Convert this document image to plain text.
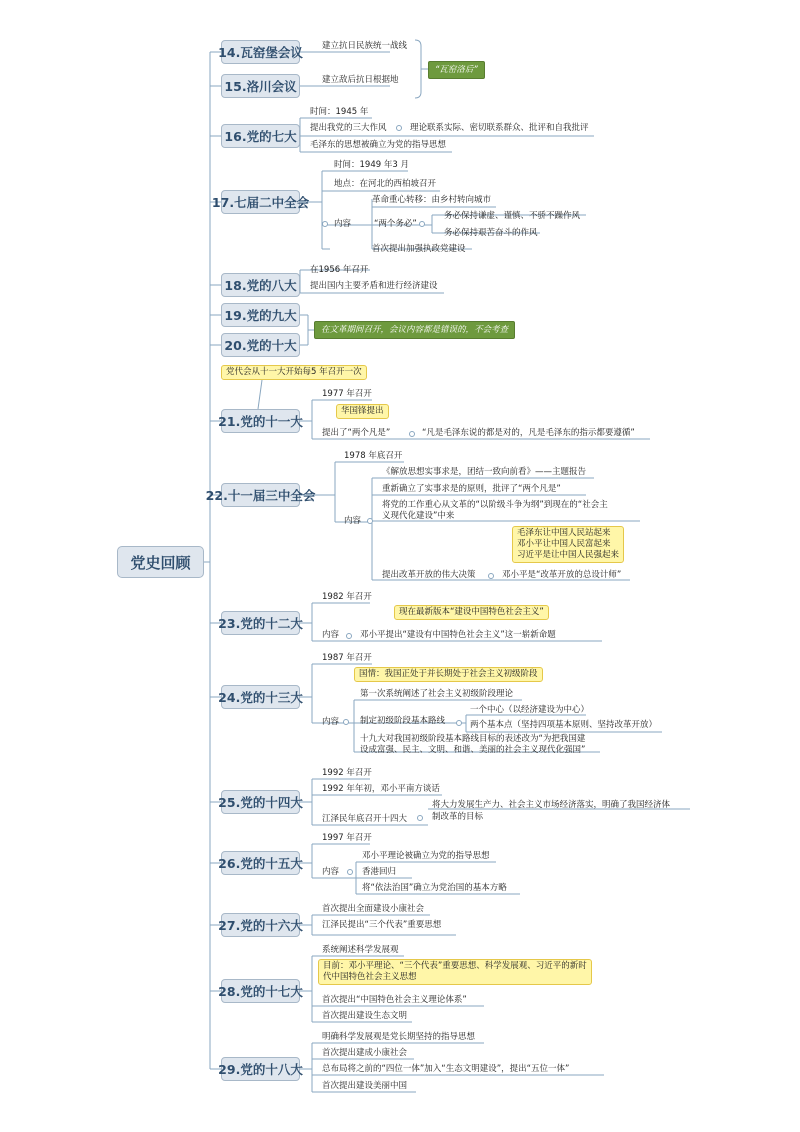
党史回顾
14.瓦窑堡会议
15.洛川会议
16.党的七大
17.七届二中全会
18.党的八大
19.党的九大
20.党的十大
21.党的十一大
22.十一届三中全会
23.党的十二大
24.党的十三大
25.党的十四大
26.党的十五大
27.党的十六大
28.党的十七大
29.党的十八大
建立抗日民族统一战线
建立敌后抗日根据地
“瓦窑洛后”
时间：1945 年
提出我党的三大作风	理论联系实际、密切联系群众、批评和自我批评
毛泽东的思想被确立为党的指导思想
时间：1949 年3 月
地点：在河北的西柏坡召开
内容
革命重心转移：由乡村转向城市
“两个务必”
务必保持谦虚、谨慎、不骄不躁作风
务必保持艰苦奋斗的作风
首次提出加强执政党建设
在1956 年召开
提出国内主要矛盾和进行经济建设
在文革期间召开，会议内容都是错误的，不会考查
党代会从十一大开始每5 年召开一次
1977 年召开
华国锋提出
提出了“两个凡是”	“凡是毛泽东说的都是对的，凡是毛泽东的指示都要遵循”
1978 年底召开
内容
《解放思想实事求是，团结一致向前看》——主题报告
重新确立了实事求是的原则，批评了“两个凡是”
将党的工作重心从文革的“以阶级斗争为纲”到现在的“社会主
义现代化建设”中来
毛泽东让中国人民站起来
邓小平让中国人民富起来
习近平是让中国人民强起来
提出改革开放的伟大决策	邓小平是“改革开放的总设计师”
1982 年召开
现在最新版本“建设中国特色社会主义”
内容 邓小平提出“建设有中国特色社会主义”这一崭新命题
1987 年召开
国情：我国正处于并长期处于社会主义初级阶段
内容
第一次系统阐述了社会主义初级阶段理论
制定初级阶段基本路线
一个中心（以经济建设为中心）
两个基本点（坚持四项基本原则、坚持改革开放）
十九大对我国初级阶段基本路线目标的表述改为“为把我国建
设成富强、民主、文明、和谐、美丽的社会主义现代化强国”
1992 年召开
1992 年年初，邓小平南方谈话
江泽民年底召开十四大
将大力发展生产力、社会主义市场经济落实，明确了我国经济体
制改革的目标
1997 年召开
内容
邓小平理论被确立为党的指导思想
香港回归
将“依法治国”确立为党治国的基本方略
首次提出全面建设小康社会
江泽民提出“三个代表”重要思想
系统阐述科学发展观
目前：邓小平理论、“三个代表”重要思想、科学发展观、习近平的新时
代中国特色社会主义思想
首次提出“中国特色社会主义理论体系”
首次提出建设生态文明
明确科学发展观是党长期坚持的指导思想
首次提出建成小康社会
总布局将之前的“四位一体”加入“生态文明建设”，提出“五位一体”
首次提出建设美丽中国
